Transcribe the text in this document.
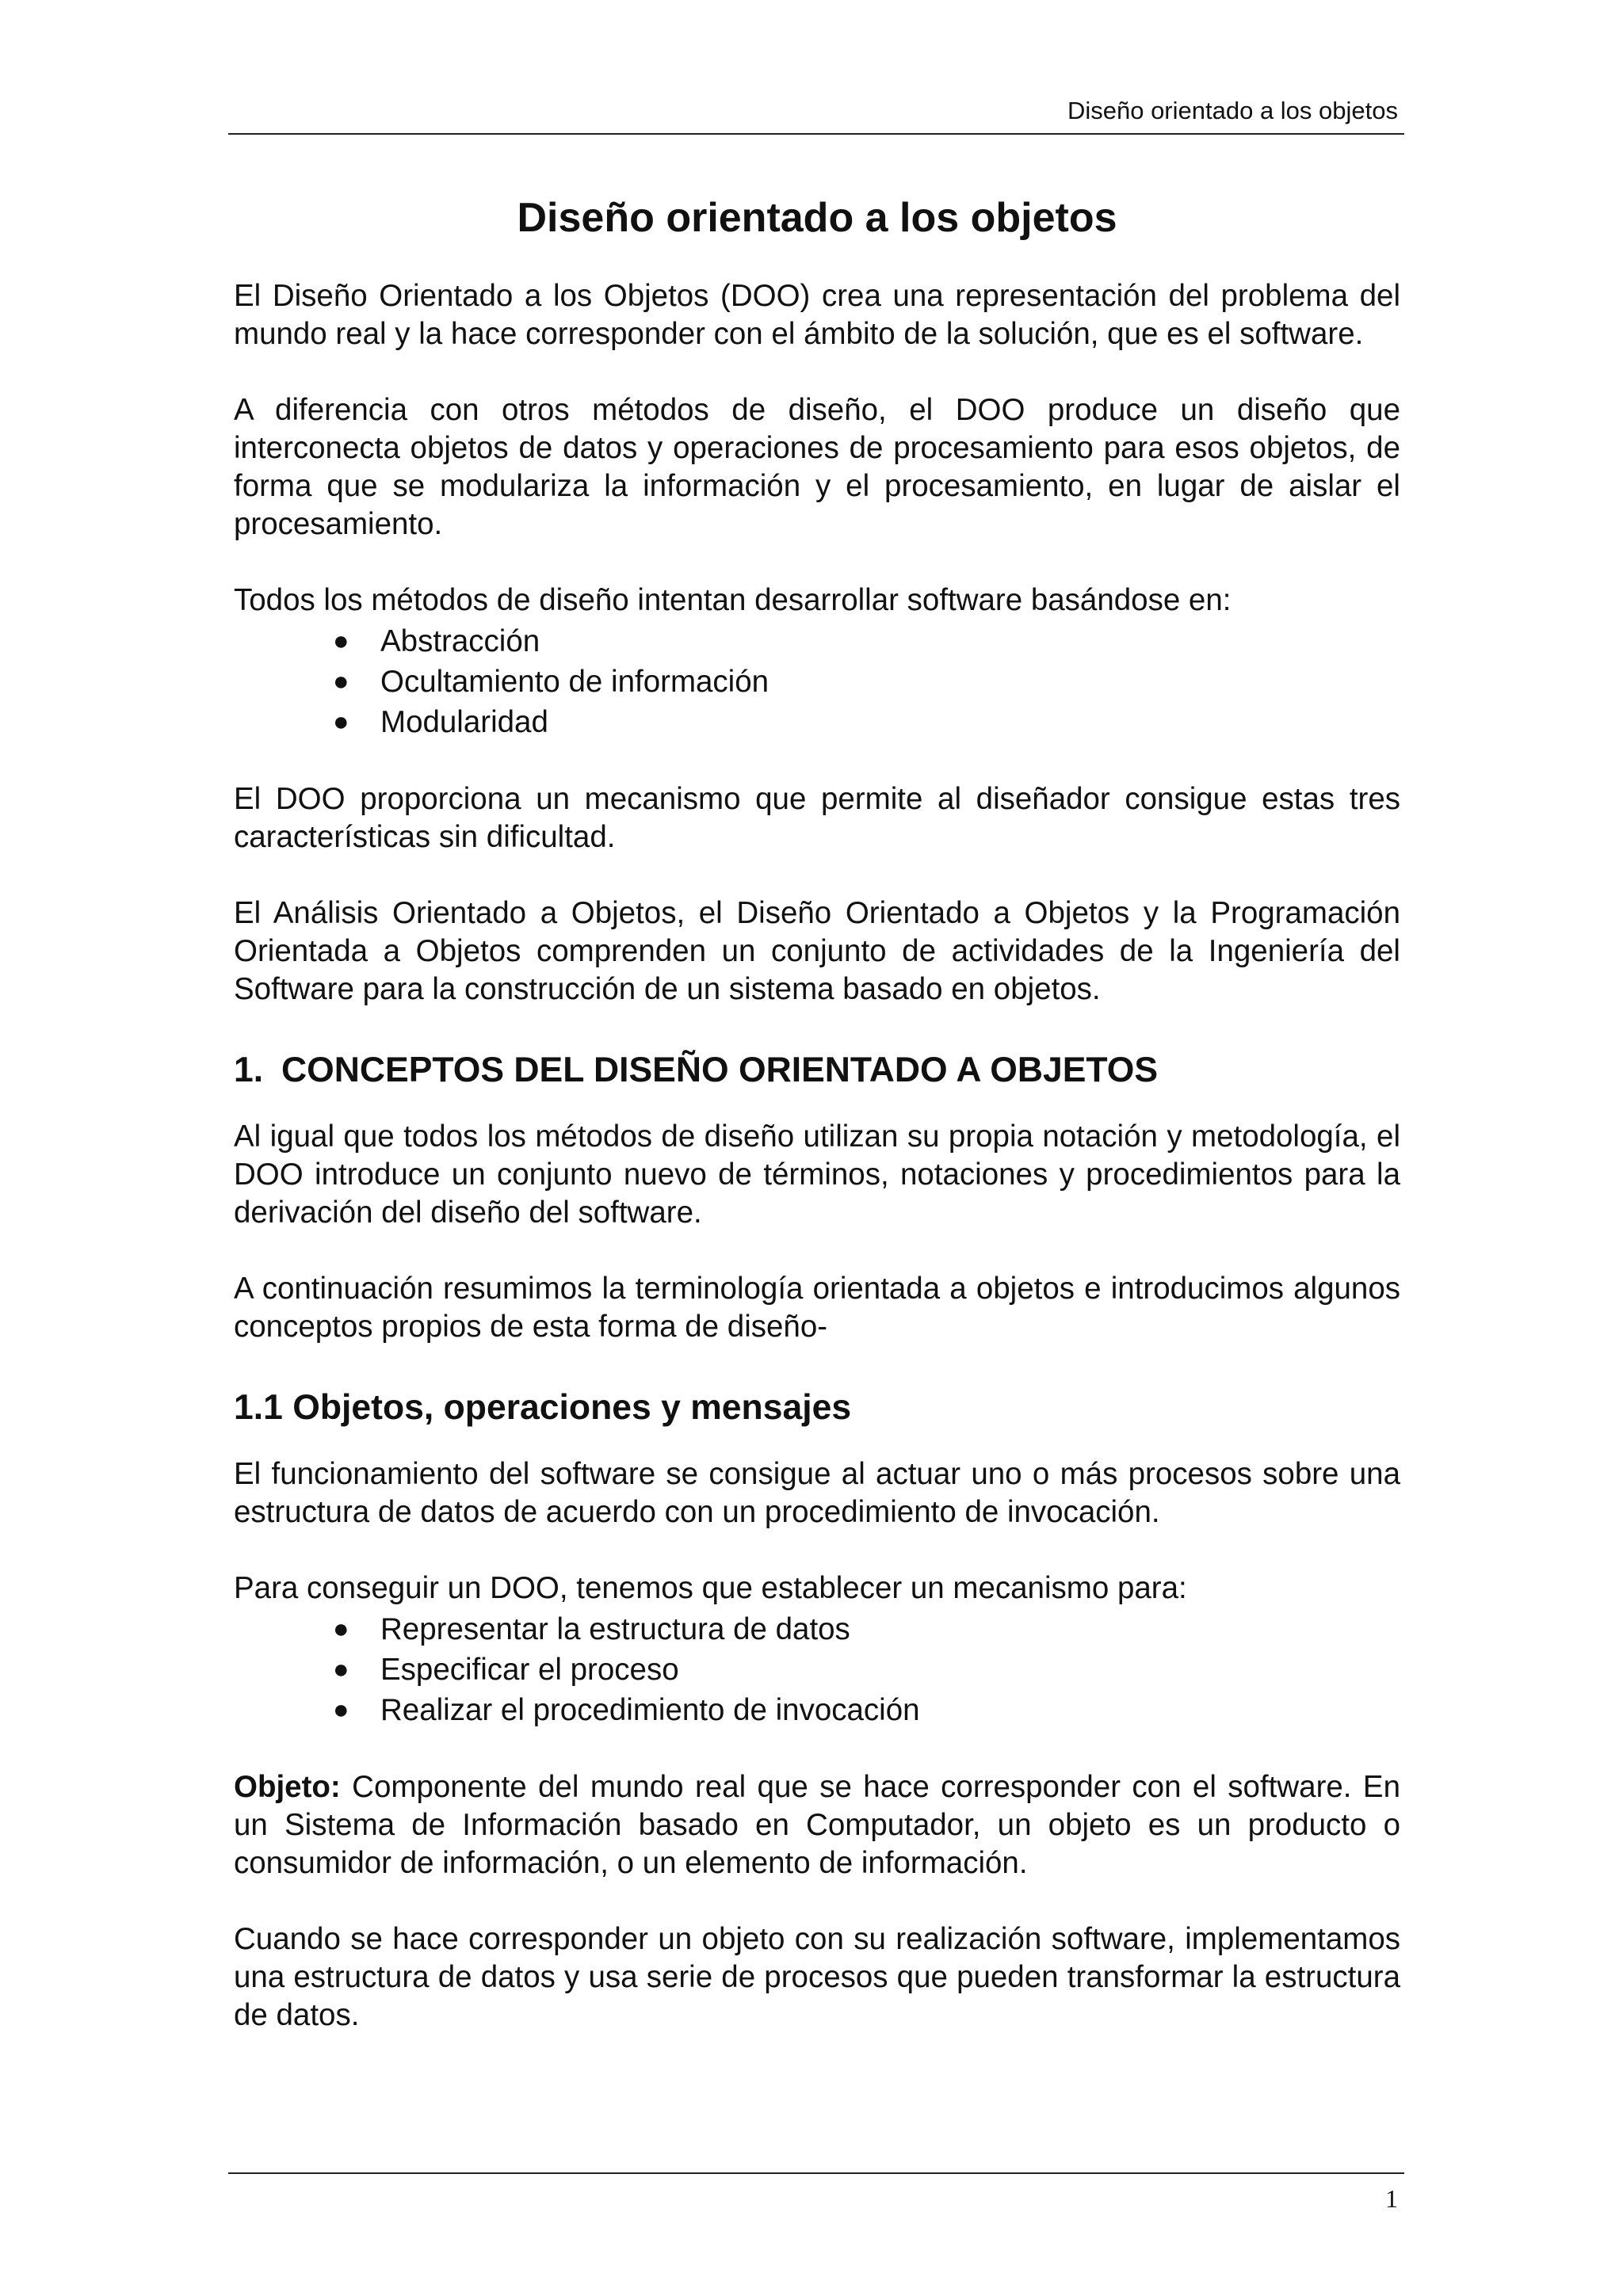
Diseño orientado a los objetos
Diseño orientado a los objetos

El Diseño Orientado a los Objetos (DOO) crea una representación del problema del mundo real y la hace corresponder con el ámbito de la solución, que es el software.

A diferencia con otros métodos de diseño, el DOO produce un diseño que interconecta objetos de datos y operaciones de procesamiento para esos objetos, de forma que se modulariza la información y el procesamiento, en lugar de aislar el procesamiento.

Todos los métodos de diseño intentan desarrollar software basándose en:

● Abstracción
● Ocultamiento de información
● Modularidad

El DOO proporciona un mecanismo que permite al diseñador consigue estas tres características sin dificultad.

El Análisis Orientado a Objetos, el Diseño Orientado a Objetos y la Programación Orientada a Objetos comprenden un conjunto de actividades de la Ingeniería del Software para la construcción de un sistema basado en objetos.

1. CONCEPTOS DEL DISEÑO ORIENTADO A OBJETOS

Al igual que todos los métodos de diseño utilizan su propia notación y metodología, el DOO introduce un conjunto nuevo de términos, notaciones y procedimientos para la derivación del diseño del software.

A continuación resumimos la terminología orientada a objetos e introducimos algunos conceptos propios de esta forma de diseño-

1.1 Objetos, operaciones y mensajes

El funcionamiento del software se consigue al actuar uno o más procesos sobre una estructura de datos de acuerdo con un procedimiento de invocación.

Para conseguir un DOO, tenemos que establecer un mecanismo para:

● Representar la estructura de datos
● Especificar el proceso
● Realizar el procedimiento de invocación

Objeto: Componente del mundo real que se hace corresponder con el software. En un Sistema de Información basado en Computador, un objeto es un producto o consumidor de información, o un elemento de información.

Cuando se hace corresponder un objeto con su realización software, implementamos una estructura de datos y usa serie de procesos que pueden transformar la estructura de datos.

1
